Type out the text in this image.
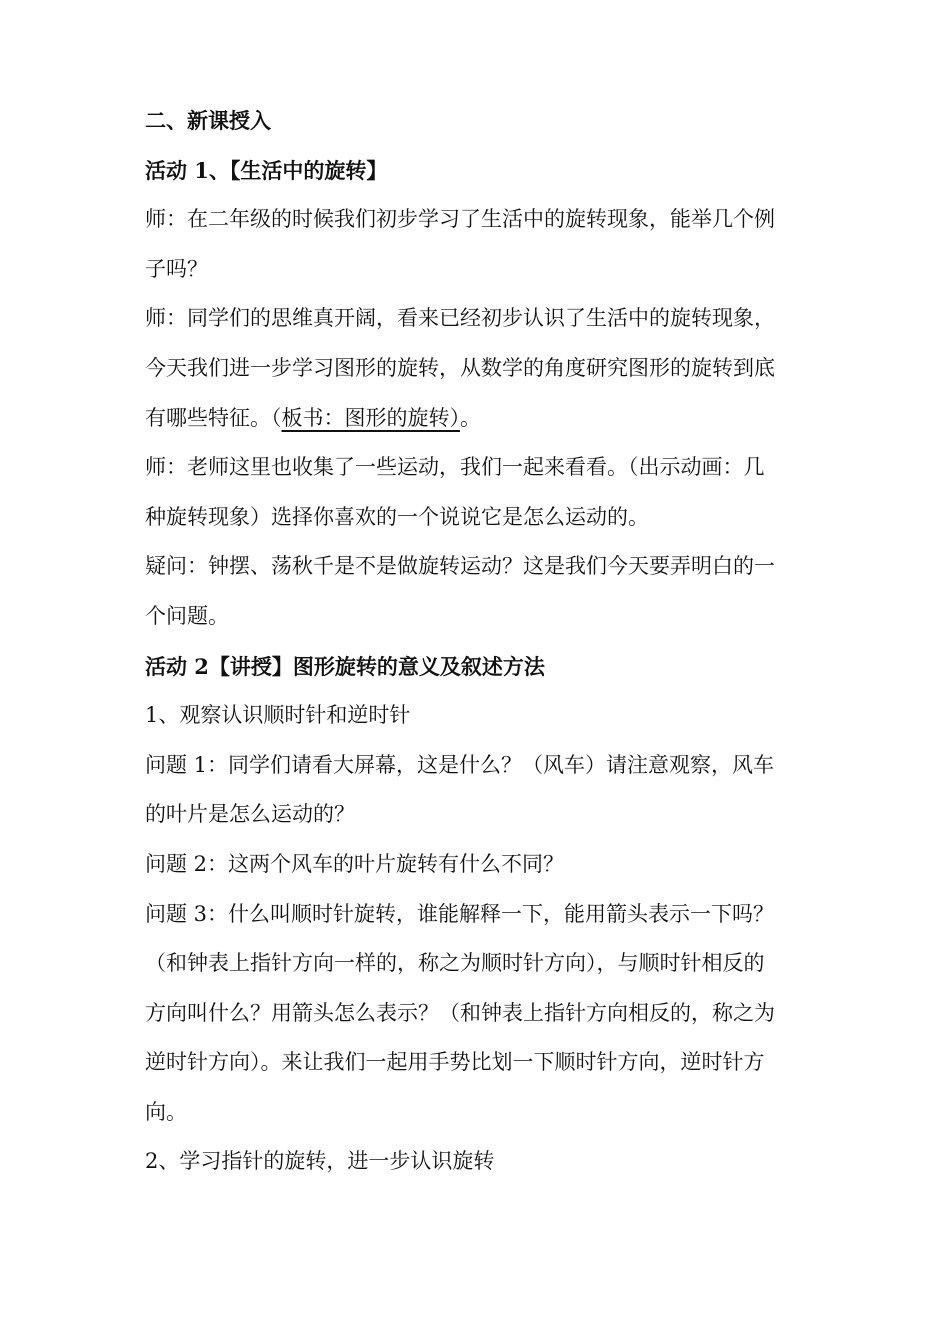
二、新课授入
活动 1、【生活中的旋转】
师：在二年级的时候我们初步学习了生活中的旋转现象，能举几个例
子吗？
师：同学们的思维真开阔，看来已经初步认识了生活中的旋转现象，
今天我们进一步学习图形的旋转，从数学的角度研究图形的旋转到底
有哪些特征。（板书：图形的旋转）。
师：老师这里也收集了一些运动，我们一起来看看。（出示动画：几
种旋转现象）选择你喜欢的一个说说它是怎么运动的。
疑问：钟摆、荡秋千是不是做旋转运动？这是我们今天要弄明白的一
个问题。
活动 2【讲授】图形旋转的意义及叙述方法
1、观察认识顺时针和逆时针
问题 1：同学们请看大屏幕，这是什么？（风车）请注意观察，风车
的叶片是怎么运动的？
问题 2：这两个风车的叶片旋转有什么不同？
问题 3：什么叫顺时针旋转，谁能解释一下，能用箭头表示一下吗？
（和钟表上指针方向一样的，称之为顺时针方向），与顺时针相反的
方向叫什么？用箭头怎么表示？（和钟表上指针方向相反的，称之为
逆时针方向）。来让我们一起用手势比划一下顺时针方向，逆时针方
向。
2、学习指针的旋转，进一步认识旋转
